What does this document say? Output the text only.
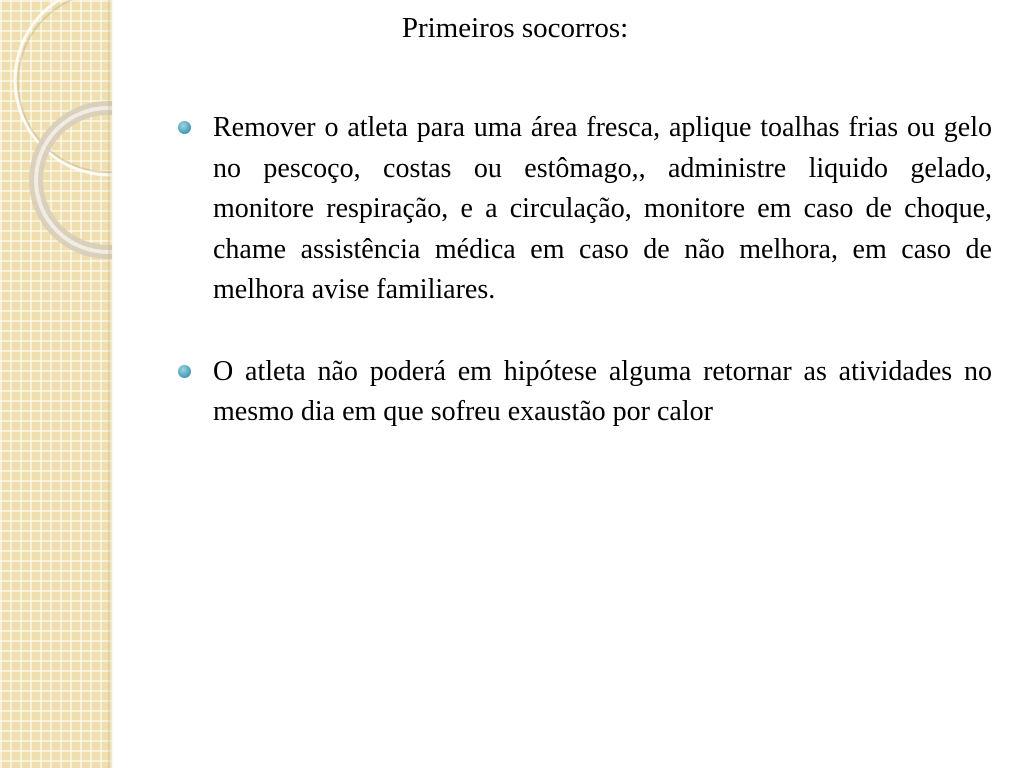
Primeiros socorros:
Remover o atleta para uma área fresca, aplique toalhas frias ou gelo no pescoço, costas ou estômago,, administre liquido gelado, monitore respiração, e a circulação, monitore em caso de choque, chame assistência médica em caso de não melhora, em caso de melhora avise familiares.
O atleta não poderá em hipótese alguma retornar as atividades no mesmo dia em que sofreu exaustão por calor
